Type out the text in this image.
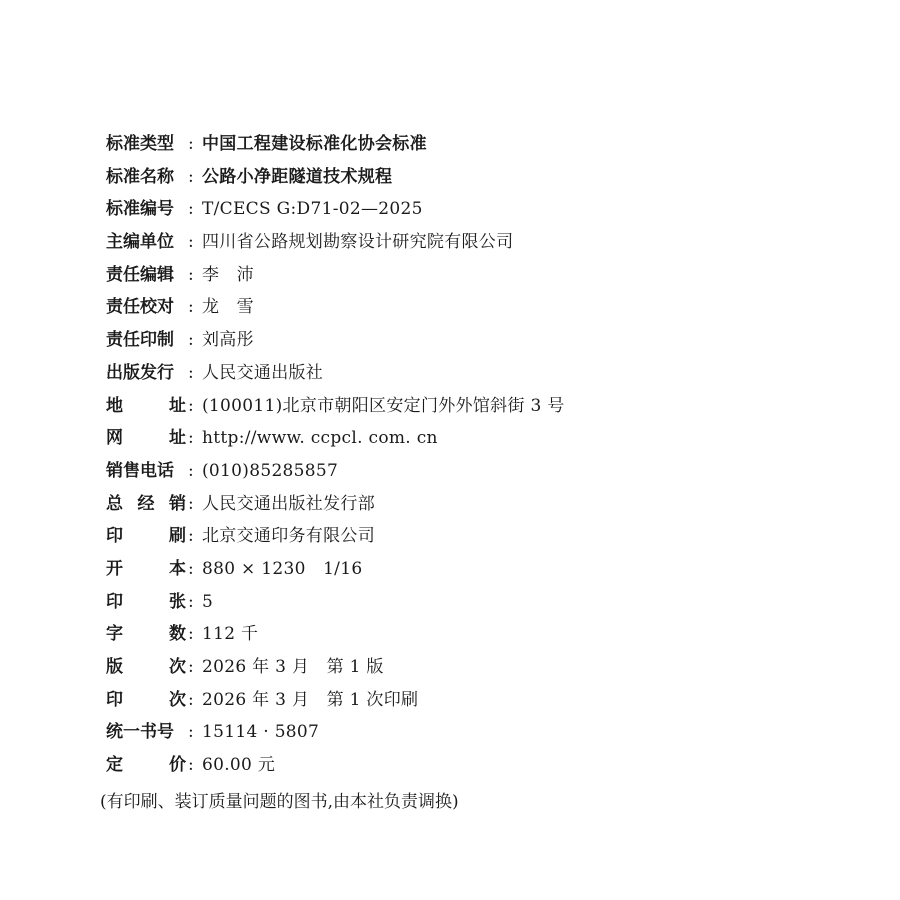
标准类型 : 中国工程建设标准化协会标准
标准名称 : 公路小净距隧道技术规程
标准编号 : T/CECS G:D71-02—2025
主编单位 : 四川省公路规划勘察设计研究院有限公司
责任编辑 : 李　沛
责任校对 : 龙　雪
责任印制 : 刘高彤
出版发行 : 人民交通出版社
地	址 : (100011)北京市朝阳区安定门外外馆斜街 3 号
网	址 : http://www. ccpcl. com. cn
销售电话 : (010)85285857
总 经 销 : 人民交通出版社发行部
印	刷 : 北京交通印务有限公司
开	本 : 880 × 1230　1/16
印	张 : 5
字	数 : 112 千
版	次 : 2026 年 3 月　第 1 版
印	次 : 2026 年 3 月　第 1 次印刷
统一书号 : 15114 · 5807
定	价 : 60.00 元
(有印刷、装订质量问题的图书,由本社负责调换)
